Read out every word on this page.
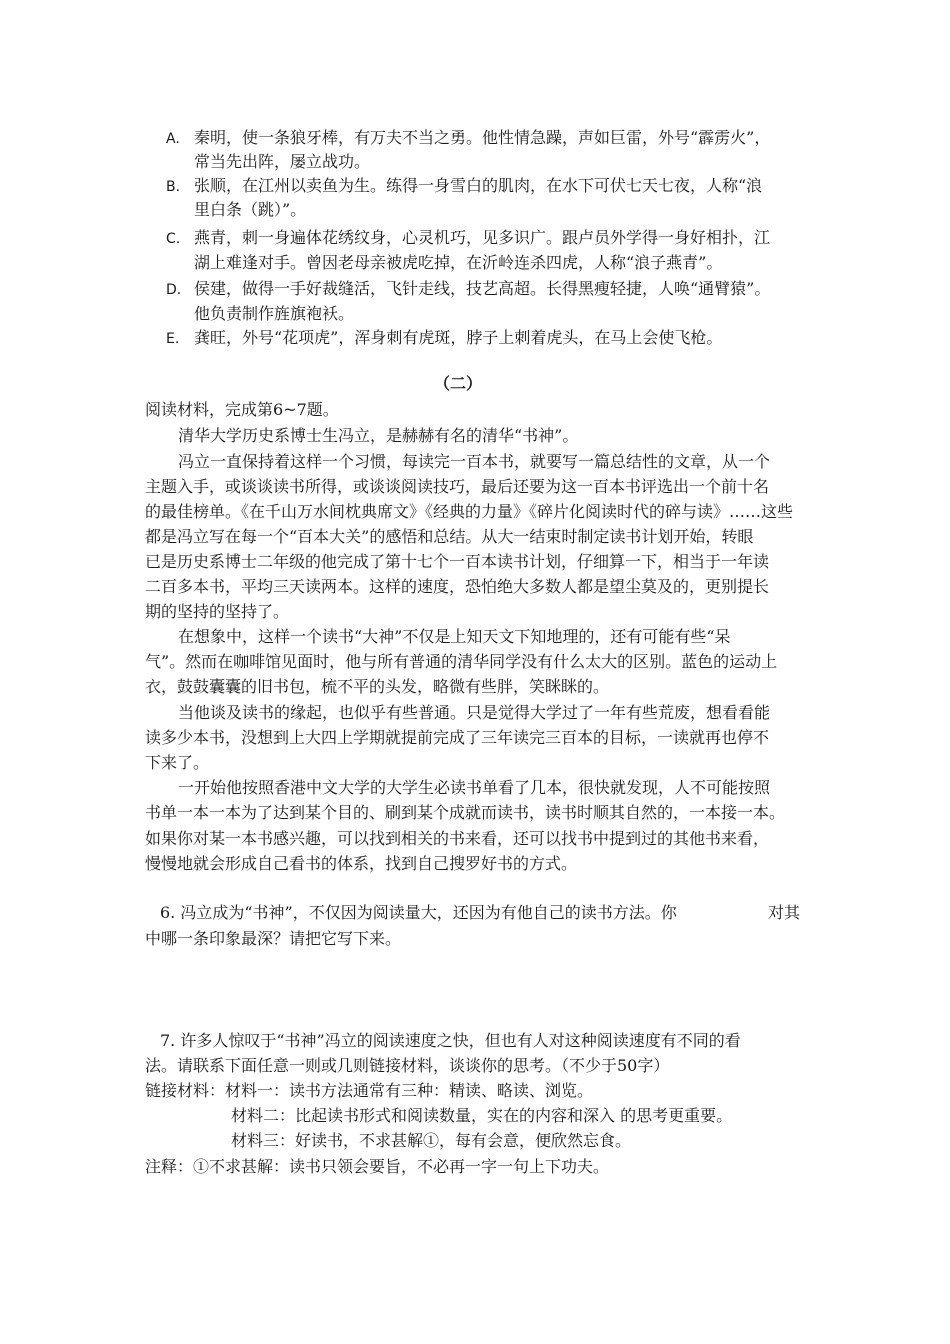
A. 秦明，使一条狼牙棒，有万夫不当之勇。他性情急躁，声如巨雷，外号“霹雳火”，
常当先出阵，屡立战功。
B. 张顺，在江州以卖鱼为生。练得一身雪白的肌肉，在水下可伏七天七夜，人称“浪
里白条（跳）”。
C. 燕青，刺一身遍体花绣纹身，心灵机巧，见多识广。跟卢员外学得一身好相扑，江
湖上难逢对手。曾因老母亲被虎吃掉，在沂岭连杀四虎，人称“浪子燕青”。
D. 侯建，做得一手好裁缝活，飞针走线，技艺高超。长得黑瘦轻捷，人唤“通臂猿”。
他负责制作旌旗袍袄。
E. 龚旺，外号“花项虎”，浑身刺有虎斑，脖子上刺着虎头，在马上会使飞枪。
（二）
阅读材料，完成第6~7题。
清华大学历史系博士生冯立，是赫赫有名的清华“书神”。
冯立一直保持着这样一个习惯，每读完一百本书，就要写一篇总结性的文章，从一个
主题入手，或谈谈读书所得，或谈谈阅读技巧，最后还要为这一百本书评选出一个前十名
的最佳榜单。《在千山万水间枕典席文》《经典的力量》《碎片化阅读时代的碎与读》……这些
都是冯立写在每一个“百本大关”的感悟和总结。从大一结束时制定读书计划开始，转眼
已是历史系博士二年级的他完成了第十七个一百本读书计划，仔细算一下，相当于一年读
二百多本书，平均三天读两本。这样的速度，恐怕绝大多数人都是望尘莫及的，更别提长
期的坚持的坚持了。
在想象中，这样一个读书“大神”不仅是上知天文下知地理的，还有可能有些“呆
气”。然而在咖啡馆见面时，他与所有普通的清华同学没有什么太大的区别。蓝色的运动上
衣，鼓鼓囊囊的旧书包，梳不平的头发，略微有些胖，笑眯眯的。
当他谈及读书的缘起，也似乎有些普通。只是觉得大学过了一年有些荒废，想看看能
读多少本书，没想到上大四上学期就提前完成了三年读完三百本的目标，一读就再也停不
下来了。
一开始他按照香港中文大学的大学生必读书单看了几本，很快就发现，人不可能按照
书单一本一本为了达到某个目的、刷到某个成就而读书，读书时顺其自然的，一本接一本。
如果你对某一本书感兴趣，可以找到相关的书来看，还可以找书中提到过的其他书来看，
慢慢地就会形成自己看书的体系，找到自己搜罗好书的方式。
6. 冯立成为“书神”，不仅因为阅读量大，还因为有他自己的读书方法。你	对其
中哪一条印象最深？请把它写下来。
7. 许多人惊叹于“书神”冯立的阅读速度之快，但也有人对这种阅读速度有不同的看
法。请联系下面任意一则或几则链接材料，谈谈你的思考。（不少于50字）
链接材料：材料一：读书方法通常有三种：精读、略读、浏览。
材料二：比起读书形式和阅读数量，实在的内容和深入 的思考更重要。
材料三：好读书，不求甚解①，每有会意，便欣然忘食。
注释：①不求甚解：读书只领会要旨，不必再一字一句上下功夫。
